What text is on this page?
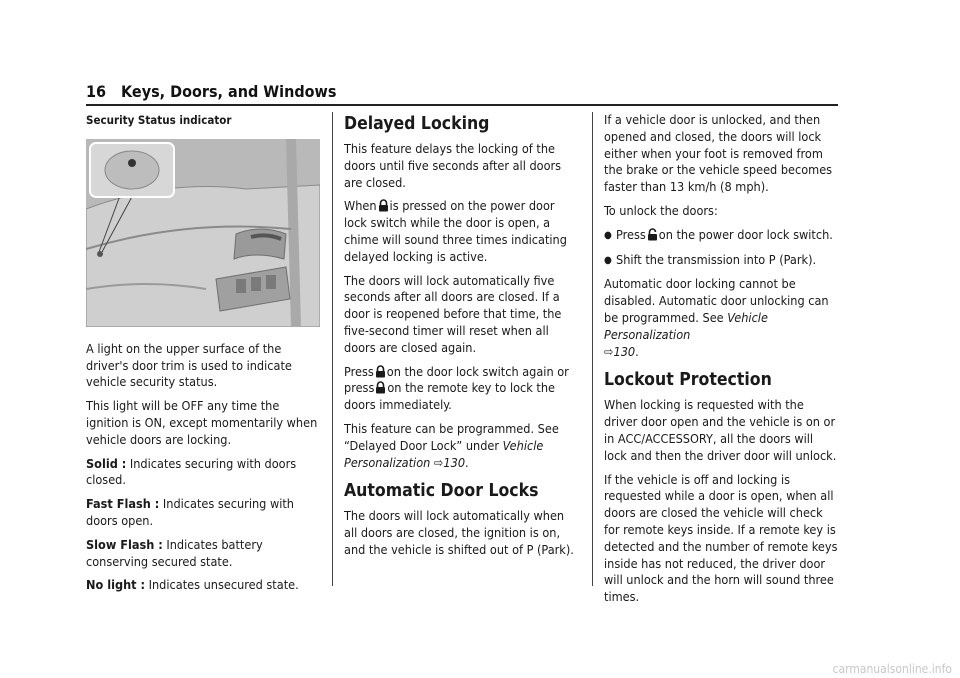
16 Keys, Doors, and Windows

Security Status indicator

A light on the upper surface of the driver's door trim is used to indicate vehicle security status.

This light will be OFF any time the ignition is ON, except momentarily when vehicle doors are locking.

Solid : Indicates securing with doors closed.

Fast Flash : Indicates securing with doors open.

Slow Flash : Indicates battery conserving secured state.

No light : Indicates unsecured state.

Delayed Locking

This feature delays the locking of the doors until five seconds after all doors are closed.

When is pressed on the power door lock switch while the door is open, a chime will sound three times indicating delayed locking is active.

The doors will lock automatically five seconds after all doors are closed. If a door is reopened before that time, the five-second timer will reset when all doors are closed again.

Press on the door lock switch again or
press on the remote key to lock the doors immediately.

This feature can be programmed. See “Delayed Door Lock” under Vehicle Personalization ⇨130.

Automatic Door Locks

The doors will lock automatically when all doors are closed, the ignition is on, and the vehicle is shifted out of P (Park).

If a vehicle door is unlocked, and then opened and closed, the doors will lock either when your foot is removed from the brake or the vehicle speed becomes faster than 13 km/h (8 mph).

To unlock the doors:

● Press on the power door lock switch.
● Shift the transmission into P (Park).

Automatic door locking cannot be disabled. Automatic door unlocking can be programmed. See Vehicle Personalization
⇨130.

Lockout Protection

When locking is requested with the driver door open and the vehicle is on or in ACC/ACCESSORY, all the doors will lock and then the driver door will unlock.

If the vehicle is off and locking is requested while a door is open, when all doors are closed the vehicle will check for remote keys inside. If a remote key is detected and the number of remote keys inside has not reduced, the driver door will unlock and the horn will sound three times.

carmanualsonline.info
